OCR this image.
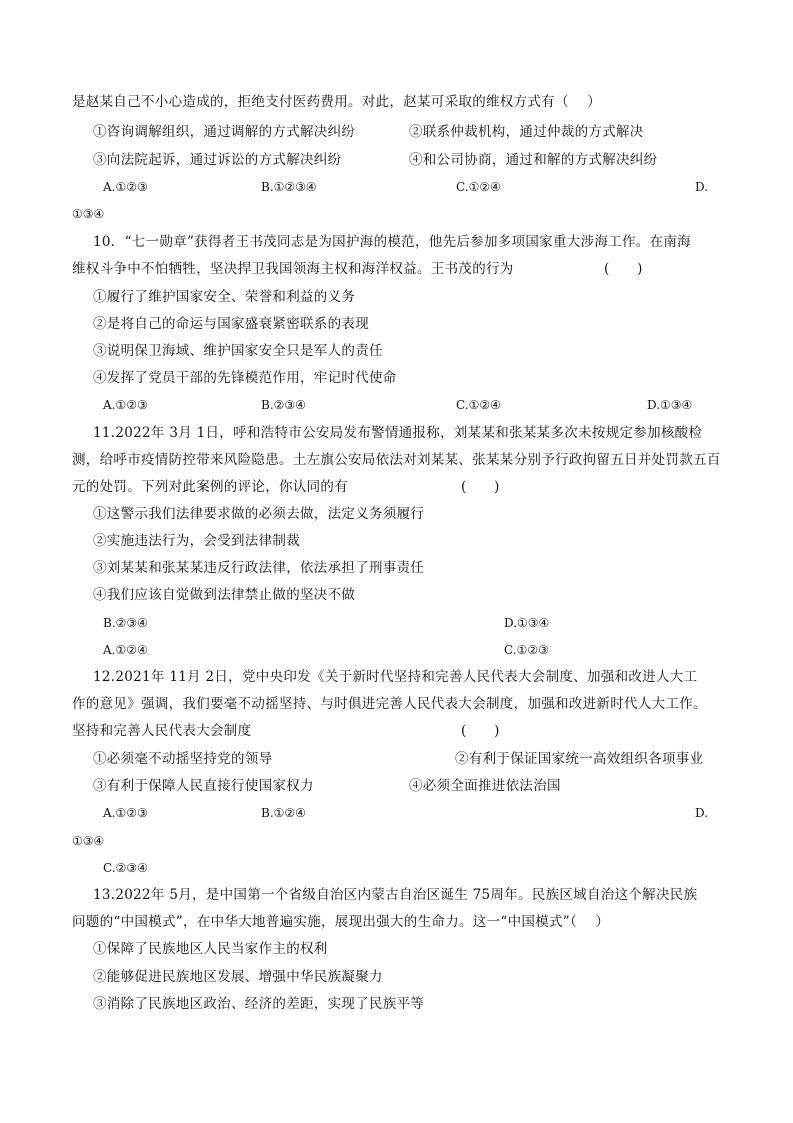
是赵某自己不小心造成的，拒绝支付医药费用。对此，赵某可采取的维权方式有（　 ）
①咨询调解组织，通过调解的方式解决纠纷	②联系仲裁机构，通过仲裁的方式解决
③向法院起诉，通过诉讼的方式解决纠纷	④和公司协商，通过和解的方式解决纠纷
A.①②③	B.①②③④	C.①②④	D.
①③④
10．“七一勋章”获得者王书茂同志是为国护海的模范，他先后参加多项国家重大涉海工作。在南海
维权斗争中不怕牺牲，坚决捍卫我国领海主权和海洋权益。王书茂的行为	(　　)
①履行了维护国家安全、荣誉和利益的义务
②是将自己的命运与国家盛衰紧密联系的表现
③说明保卫海域、维护国家安全只是军人的责任
④发挥了党员干部的先锋模范作用，牢记时代使命
A.①②③	B.②③④	C.①②④	D.①③④
11.2022年 3月 1日，呼和浩特市公安局发布警情通报称，刘某某和张某某多次未按规定参加核酸检
测，给呼市疫情防控带来风险隐患。土左旗公安局依法对刘某某、张某某分别予行政拘留五日并处罚款五百
元的处罚。下列对此案例的评论，你认同的有	(　　)
①这警示我们法律要求做的必须去做，法定义务须履行
②实施违法行为，会受到法律制裁
③刘某某和张某某违反行政法律，依法承担了刑事责任
④我们应该自觉做到法律禁止做的坚决不做
B.②③④	D.①③④
A.①②④	C.①②③
12.2021年 11月 2日，党中央印发《关于新时代坚持和完善人民代表大会制度、加强和改进人大工
作的意见》强调，我们要毫不动摇坚持、与时俱进完善人民代表大会制度，加强和改进新时代人大工作。
坚持和完善人民代表大会制度	(　　)
①必须毫不动摇坚持党的领导	②有利于保证国家统一高效组织各项事业
③有利于保障人民直接行使国家权力	④必须全面推进依法治国
A.①②③	B.①②④	D.
①③④
C.②③④
13.2022年 5月，是中国第一个省级自治区内蒙古自治区诞生 75周年。民族区域自治这个解决民族
问题的“中国模式”，在中华大地普遍实施，展现出强大的生命力。这一“中国模式”（　 ）
①保障了民族地区人民当家作主的权利
②能够促进民族地区发展、增强中华民族凝聚力
③消除了民族地区政治、经济的差距，实现了民族平等
